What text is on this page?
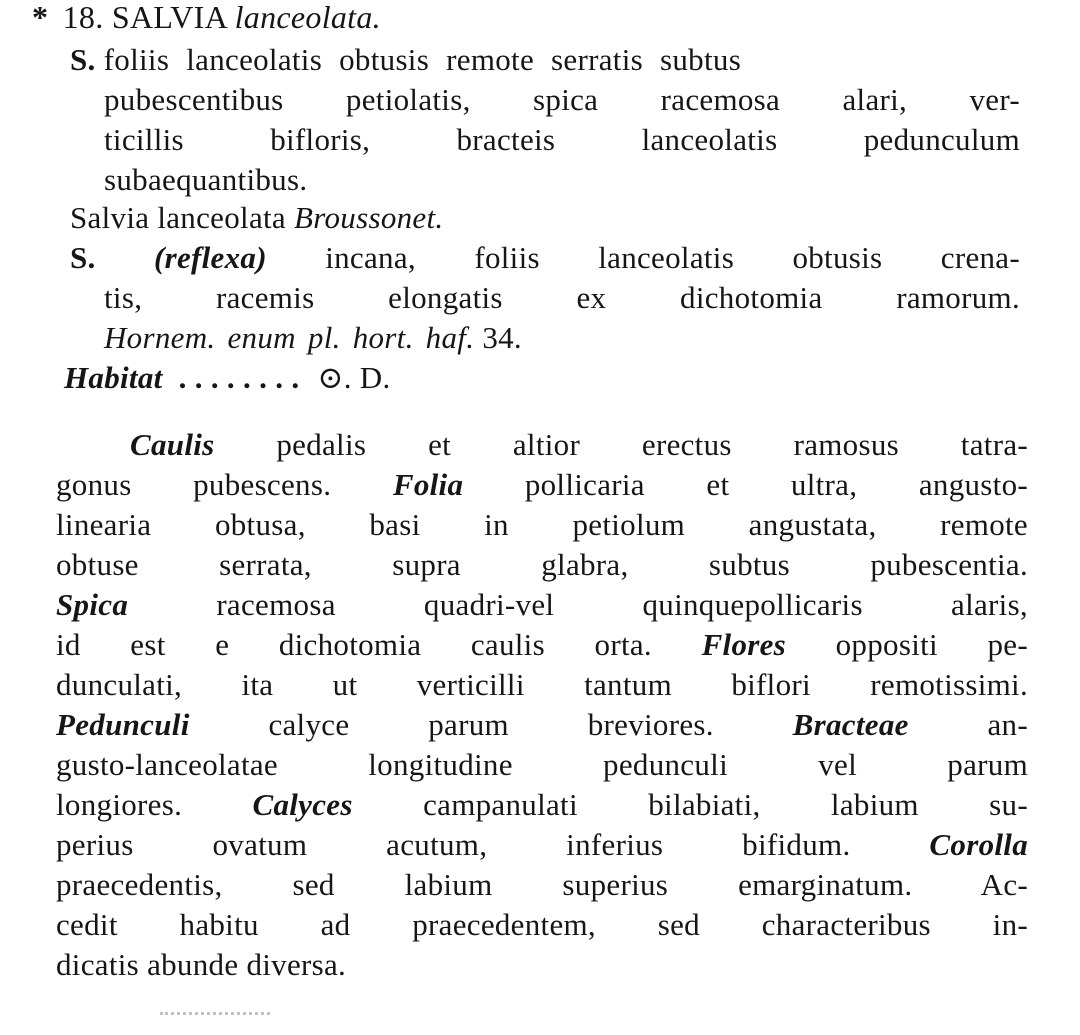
* 18. SALVIA lanceolata.
S. foliis lanceolatis obtusis remote serratis subtus
pubescentibus petiolatis, spica racemosa alari, ver-
ticillis bifloris, bracteis lanceolatis pedunculum
subaequantibus.
Salvia lanceolata Broussonet.
S. (reflexa) incana, foliis lanceolatis obtusis crena-
tis, racemis elongatis ex dichotomia ramorum.
Hornem. enum pl. hort. haf. 34.
Habitat . . . . . . . . ⊙. D.
Caulis pedalis et altior erectus ramosus tatra-
gonus pubescens. Folia pollicaria et ultra, angusto-
linearia obtusa, basi in petiolum angustata, remote
obtuse serrata, supra glabra, subtus pubescentia.
Spica	racemosa quadri-vel quinquepollicaris alaris,
id est e dichotomia caulis orta. Flores oppositi pe-
dunculati, ita ut verticilli tantum biflori remotissimi.
Pedunculi	calyce parum breviores.	Bracteae	an-
gusto-lanceolatae longitudine pedunculi vel parum
longiores. Calyces campanulati bilabiati, labium su-
perius ovatum acutum, inferius bifidum.	Corolla
praecedentis, sed labium superius emarginatum. Ac-
cedit habitu ad praecedentem, sed characteribus in-
dicatis abunde diversa.
